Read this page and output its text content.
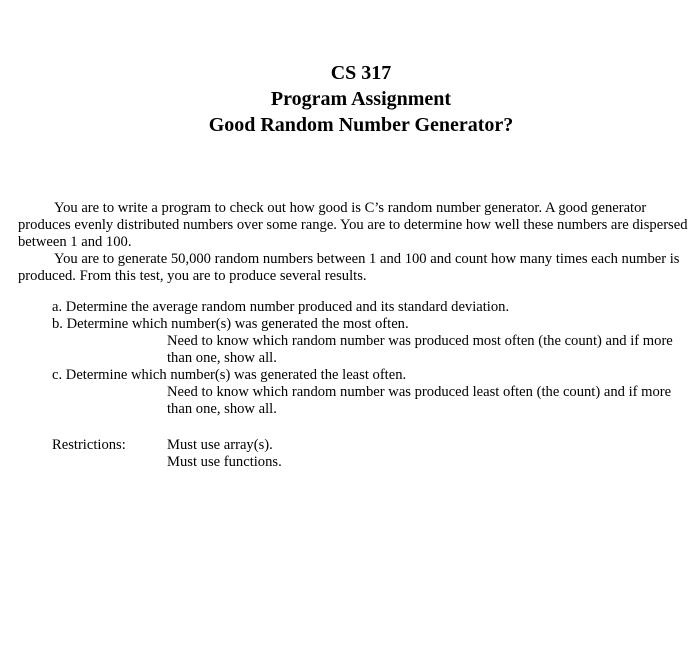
CS 317
Program Assignment
Good Random Number Generator?

You are to write a program to check out how good is C’s random number generator. A good generator produces evenly distributed numbers over some range. You are to determine how well these numbers are dispersed between 1 and 100.

You are to generate 50,000 random numbers between 1 and 100 and count how many times each number is produced. From this test, you are to produce several results.

a. Determine the average random number produced and its standard deviation.
b. Determine which number(s) was generated the most often.
Need to know which random number was produced most often (the count) and if more than one, show all.
c. Determine which number(s) was generated the least often.
Need to know which random number was produced least often (the count) and if more than one, show all.
Restrictions:	Must use array(s).
Must use functions.
